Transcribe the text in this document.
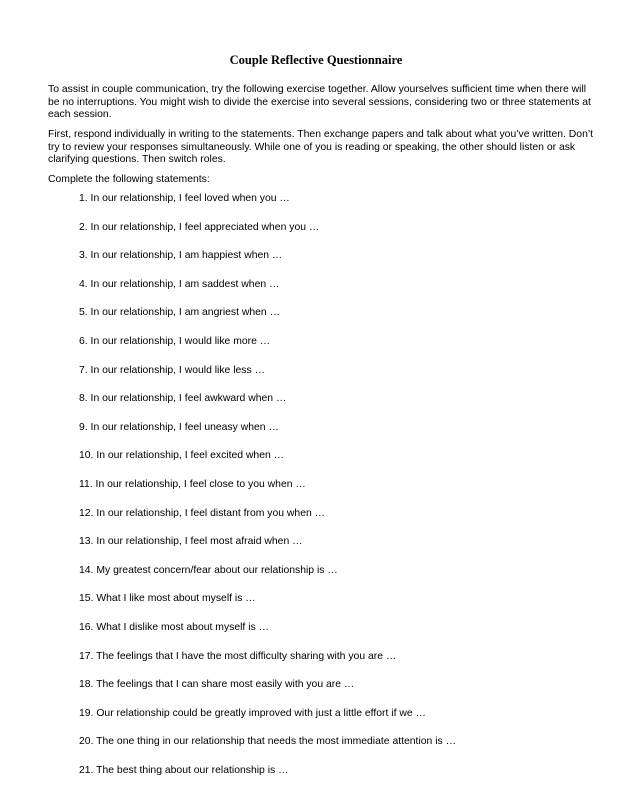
Couple Reflective Questionnaire

To assist in couple communication, try the following exercise together. Allow yourselves sufficient time when there will be no interruptions. You might wish to divide the exercise into several sessions, considering two or three statements at each session.

First, respond individually in writing to the statements. Then exchange papers and talk about what you’ve written. Don’t try to review your responses simultaneously. While one of you is reading or speaking, the other should listen or ask clarifying questions. Then switch roles.

Complete the following statements:

1. In our relationship, I feel loved when you …
2. In our relationship, I feel appreciated when you …
3. In our relationship, I am happiest when …
4. In our relationship, I am saddest when …
5. In our relationship, I am angriest when …
6. In our relationship, I would like more …
7. In our relationship, I would like less …
8. In our relationship, I feel awkward when …
9. In our relationship, I feel uneasy when …
10. In our relationship, I feel excited when …
11. In our relationship, I feel close to you when …
12. In our relationship, I feel distant from you when …
13. In our relationship, I feel most afraid when …
14. My greatest concern/fear about our relationship is …
15. What I like most about myself is …
16. What I dislike most about myself is …
17. The feelings that I have the most difficulty sharing with you are …
18. The feelings that I can share most easily with you are …
19. Our relationship could be greatly improved with just a little effort if we …
20. The one thing in our relationship that needs the most immediate attention is …
21. The best thing about our relationship is …
